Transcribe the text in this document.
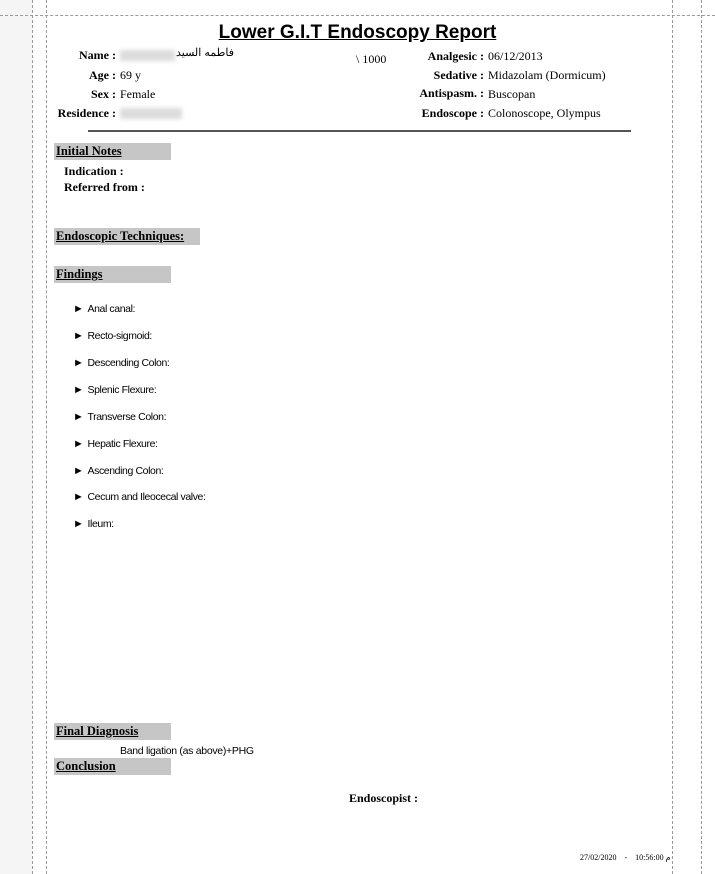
Lower G.I.T Endoscopy Report
Name :	فاطمه السيد	\ 1000
Age : 69 y
Sex : Female
Residence :
Analgesic : 06/12/2013
Sedative : Midazolam (Dormicum)
Antispasm. : Buscopan
Endoscope : Colonoscope, Olympus
Initial Notes
Indication :
Referred from :
Endoscopic Techniques:
Findings
► Anal canal:
► Recto-sigmoid:
► Descending Colon:
► Splenic Flexure:
► Transverse Colon:
► Hepatic Flexure:
► Ascending Colon:
► Cecum and Ileocecal valve:
► Ileum:
Final Diagnosis
Band ligation (as above)+PHG
Conclusion
Endoscopist :
27/02/2020 - 10:56:00 م
